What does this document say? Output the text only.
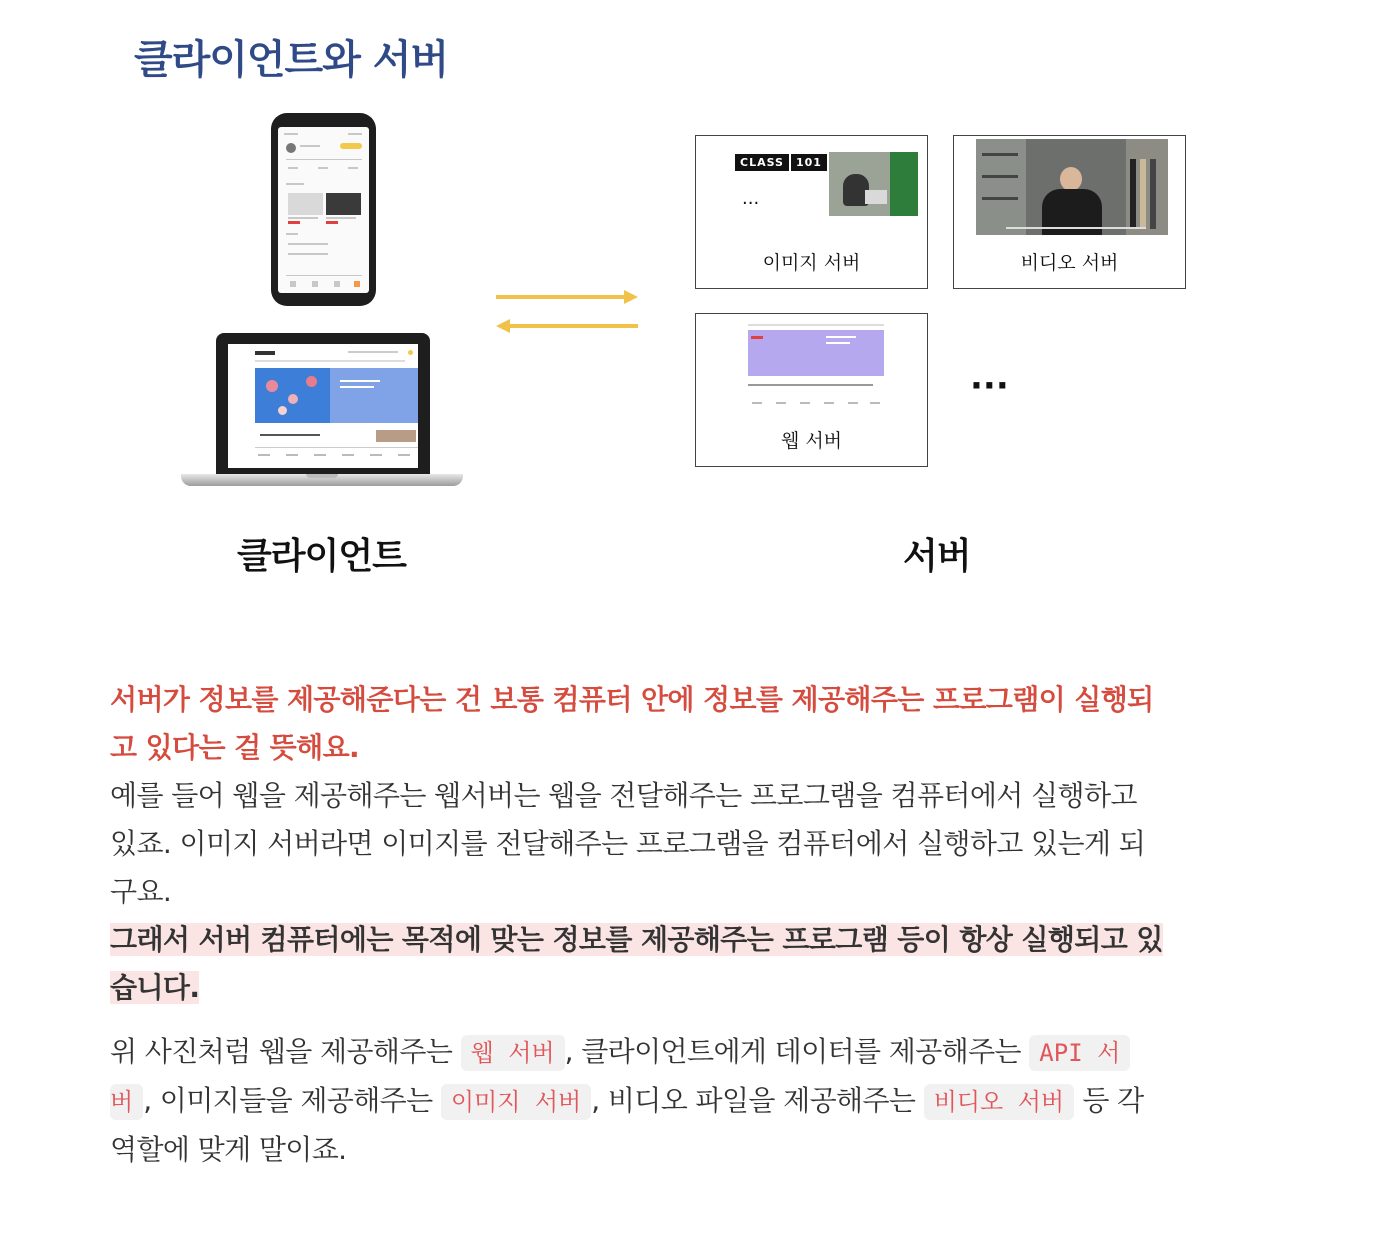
클라이언트와 서버
CLASS	101
...
이미지 서버	비디오 서버
웹 서버
···
클라이언트	서버
서버가 정보를 제공해준다는 건 보통 컴퓨터 안에 정보를 제공해주는 프로그램이 실행되
고 있다는 걸 뜻해요.
예를 들어 웹을 제공해주는 웹서버는 웹을 전달해주는 프로그램을 컴퓨터에서 실행하고
있죠. 이미지 서버라면 이미지를 전달해주는 프로그램을 컴퓨터에서 실행하고 있는게 되
구요.
그래서 서버 컴퓨터에는 목적에 맞는 정보를 제공해주는 프로그램 등이 항상 실행되고 있
습니다.
위 사진처럼 웹을 제공해주는 웹 서버 , 클라이언트에게 데이터를 제공해주는 API 서
버 , 이미지들을 제공해주는 이미지 서버 , 비디오 파일을 제공해주는 비디오 서버 등 각
역할에 맞게 말이죠.
